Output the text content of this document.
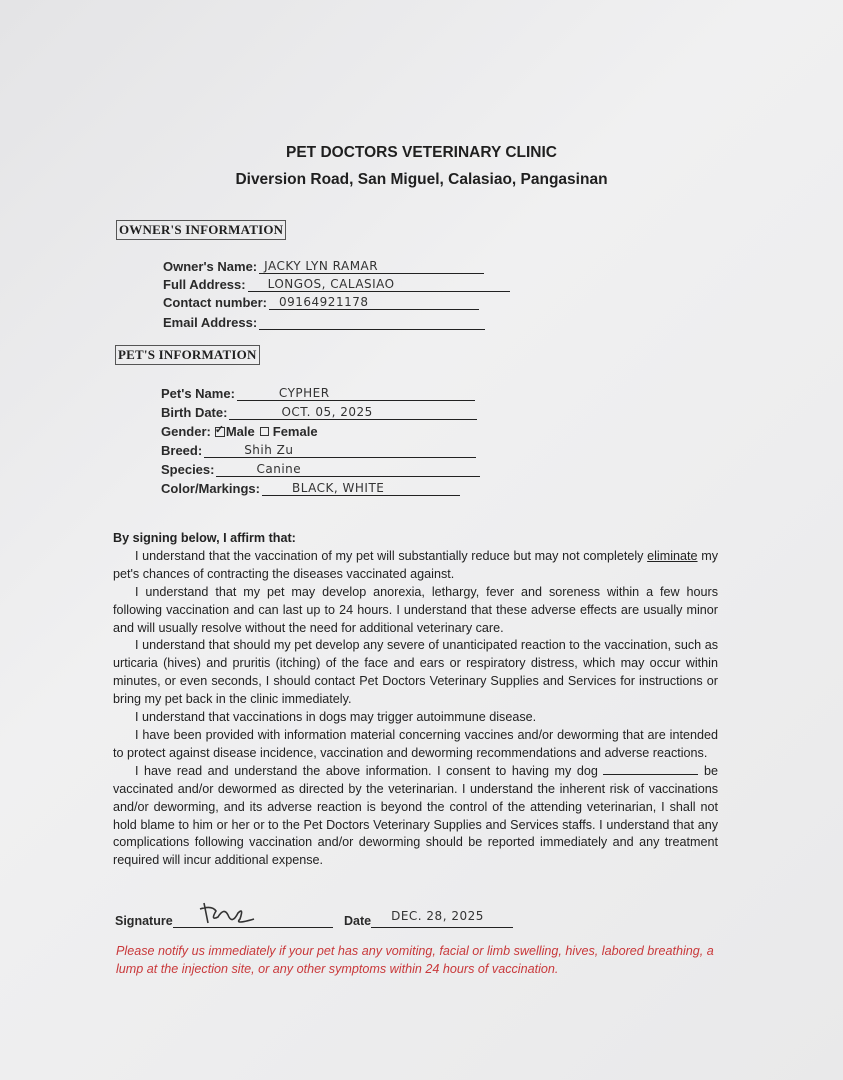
PET DOCTORS VETERINARY CLINIC
Diversion Road, San Miguel, Calasiao, Pangasinan
OWNER'S INFORMATION
Owner's Name: JACKY LYN RAMAR
Full Address: LONGOS, CALASIAO
Contact number: 09164921178
Email Address:
PET'S INFORMATION
Pet's Name:	CYPHER
Birth Date:	OCT. 05, 2025
Gender: ✓ Male Female
Breed:	Shih Zu
Species:	Canine
Color/Markings:	BLACK, WHITE

By signing below, I affirm that:

I understand that the vaccination of my pet will substantially reduce but may not completely eliminate my pet's chances of contracting the diseases vaccinated against.

I understand that my pet may develop anorexia, lethargy, fever and soreness within a few hours following vaccination and can last up to 24 hours. I understand that these adverse effects are usually minor and will usually resolve without the need for additional veterinary care.

I understand that should my pet develop any severe of unanticipated reaction to the vaccination, such as urticaria (hives) and pruritis (itching) of the face and ears or respiratory distress, which may occur within minutes, or even seconds, I should contact Pet Doctors Veterinary Supplies and Services for instructions or bring my pet back in the clinic immediately.

I understand that vaccinations in dogs may trigger autoimmune disease.

I have been provided with information material concerning vaccines and/or deworming that are intended to protect against disease incidence, vaccination and deworming recommendations and adverse reactions.

I have read and understand the above information. I consent to having my dog	be vaccinated and/or dewormed as directed by the veterinarian. I understand the inherent risk of vaccinations and/or deworming, and its adverse reaction is beyond the control of the attending veterinarian, I shall not hold blame to him or her or to the Pet Doctors Veterinary Supplies and Services staffs. I understand that any complications following vaccination and/or deworming should be reported immediately and any treatment required will incur additional expense.

Signature	Date DEC. 28, 2025
Please notify us immediately if your pet has any vomiting, facial or limb swelling, hives, labored breathing, a lump at the injection site, or any other symptoms within 24 hours of vaccination.
